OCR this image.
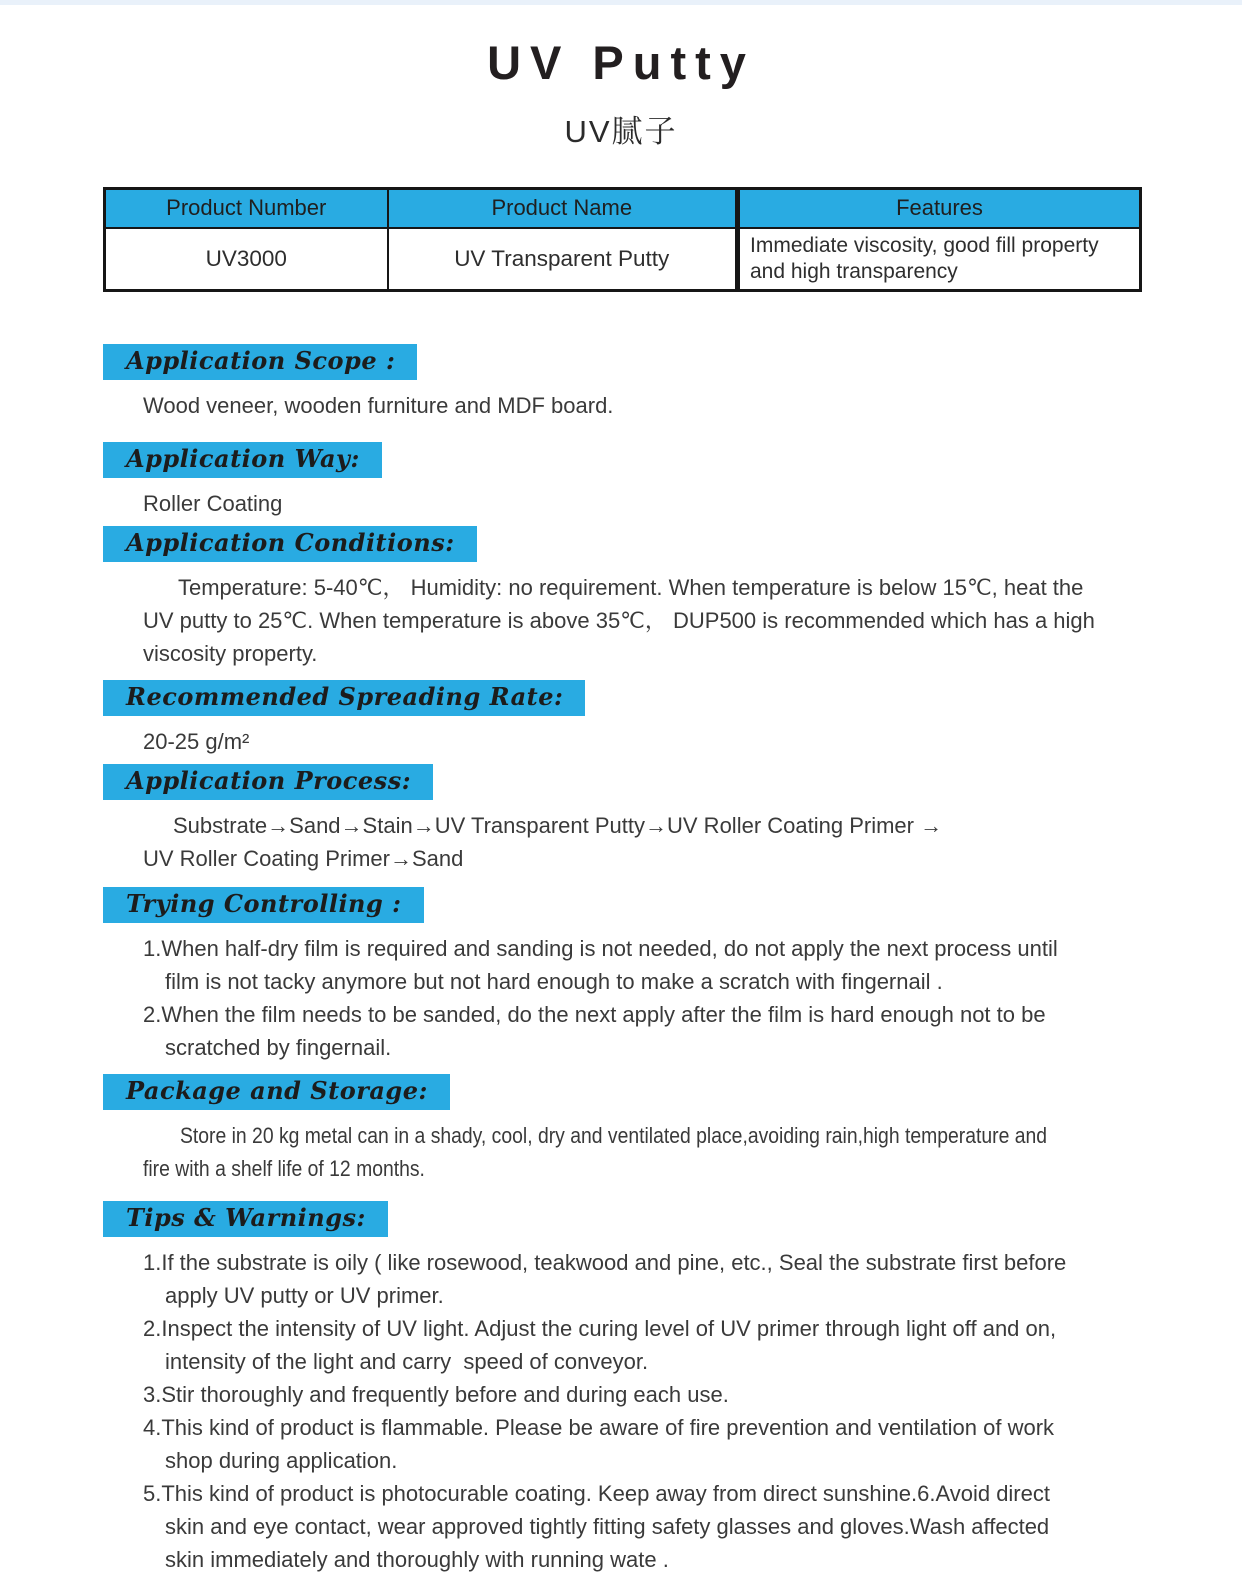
UV Putty
UV腻子
Product Number	Product Name	Features
UV3000	UV Transparent Putty	Immediate viscosity, good fill property and high transparency
Application Scope :
Wood veneer, wooden furniture and MDF board.
Application Way:
Roller Coating
Application Conditions:
Temperature: 5-40℃， Humidity: no requirement. When temperature is below 15℃, heat the
UV putty to 25℃. When temperature is above 35℃， DUP500 is recommended which has a high
viscosity property.
Recommended Spreading Rate:
20-25 g/m²
Application Process:
Substrate→Sand→Stain→UV Transparent Putty→UV Roller Coating Primer →
UV Roller Coating Primer→Sand
Trying Controlling :
1.When half-dry film is required and sanding is not needed, do not apply the next process until
film is not tacky anymore but not hard enough to make a scratch with fingernail .
2.When the film needs to be sanded, do the next apply after the film is hard enough not to be
scratched by fingernail.
Package and Storage:
Store in 20 kg metal can in a shady, cool, dry and ventilated place,avoiding rain,high temperature and
fire with a shelf life of 12 months.
Tips & Warnings:
1.If the substrate is oily ( like rosewood, teakwood and pine, etc., Seal the substrate first before
apply UV putty or UV primer.
2.Inspect the intensity of UV light. Adjust the curing level of UV primer through light off and on,
intensity of the light and carry  speed of conveyor.
3.Stir thoroughly and frequently before and during each use.
4.This kind of product is flammable. Please be aware of fire prevention and ventilation of work
shop during application.
5.This kind of product is photocurable coating. Keep away from direct sunshine.6.Avoid direct
skin and eye contact, wear approved tightly fitting safety glasses and gloves.Wash affected
skin immediately and thoroughly with running wate .
